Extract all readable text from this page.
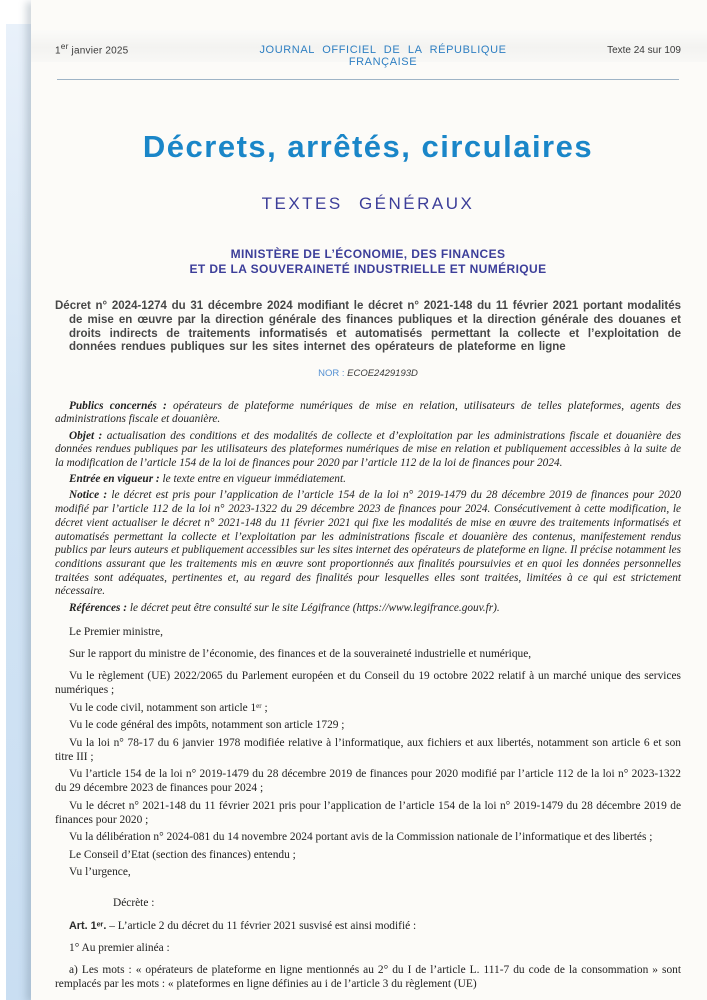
1er janvier 2025	JOURNAL OFFICIEL DE LA RÉPUBLIQUE FRANÇAISE
Texte 24 sur 109
Décrets, arrêtés, circulaires
TEXTES GÉNÉRAUX
MINISTÈRE DE L’ÉCONOMIE, DES FINANCES
ET DE LA SOUVERAINETÉ INDUSTRIELLE ET NUMÉRIQUE

Décret n° 2024-1274 du 31 décembre 2024 modifiant le décret n° 2021-148 du 11 février 2021 portant modalités de mise en œuvre par la direction générale des finances publiques et la direction générale des douanes et droits indirects de traitements informatisés et automatisés permettant la collecte et l’exploitation de données rendues publiques sur les sites internet des opérateurs de plateforme en ligne

NOR : ECOE2429193D

Publics concernés : opérateurs de plateforme numériques de mise en relation, utilisateurs de telles plateformes, agents des administrations fiscale et douanière.

Objet : actualisation des conditions et des modalités de collecte et d’exploitation par les administrations fiscale et douanière des données rendues publiques par les utilisateurs des plateformes numériques de mise en relation et publiquement accessibles à la suite de la modification de l’article 154 de la loi de finances pour 2020 par l’article 112 de la loi de finances pour 2024.

Entrée en vigueur : le texte entre en vigueur immédiatement.

Notice : le décret est pris pour l’application de l’article 154 de la loi n° 2019-1479 du 28 décembre 2019 de finances pour 2020 modifié par l’article 112 de la loi n° 2023-1322 du 29 décembre 2023 de finances pour 2024. Consécutivement à cette modification, le décret vient actualiser le décret n° 2021-148 du 11 février 2021 qui fixe les modalités de mise en œuvre des traitements informatisés et automatisés permettant la collecte et l’exploitation par les administrations fiscale et douanière des contenus, manifestement rendus publics par leurs auteurs et publiquement accessibles sur les sites internet des opérateurs de plateforme en ligne. Il précise notamment les conditions assurant que les traitements mis en œuvre sont proportionnés aux finalités poursuivies et en quoi les données personnelles traitées sont adéquates, pertinentes et, au regard des finalités pour lesquelles elles sont traitées, limitées à ce qui est strictement nécessaire.

Références : le décret peut être consulté sur le site Légifrance (https://www.legifrance.gouv.fr).

Le Premier ministre,

Sur le rapport du ministre de l’économie, des finances et de la souveraineté industrielle et numérique,

Vu le règlement (UE) 2022/2065 du Parlement européen et du Conseil du 19 octobre 2022 relatif à un marché unique des services numériques ;

Vu le code civil, notamment son article 1ᵉʳ ;

Vu le code général des impôts, notamment son article 1729 ;

Vu la loi n° 78-17 du 6 janvier 1978 modifiée relative à l’informatique, aux fichiers et aux libertés, notamment son article 6 et son titre III ;

Vu l’article 154 de la loi n° 2019-1479 du 28 décembre 2019 de finances pour 2020 modifié par l’article 112 de la loi n° 2023-1322 du 29 décembre 2023 de finances pour 2024 ;

Vu le décret n° 2021-148 du 11 février 2021 pris pour l’application de l’article 154 de la loi n° 2019-1479 du 28 décembre 2019 de finances pour 2020 ;

Vu la délibération n° 2024-081 du 14 novembre 2024 portant avis de la Commission nationale de l’informatique et des libertés ;

Le Conseil d’Etat (section des finances) entendu ;

Vu l’urgence,

Décrète :

Art. 1ᵉʳ. – L’article 2 du décret du 11 février 2021 susvisé est ainsi modifié :

1° Au premier alinéa :

a) Les mots : « opérateurs de plateforme en ligne mentionnés au 2° du I de l’article L. 111-7 du code de la consommation » sont remplacés par les mots : « plateformes en ligne définies au i de l’article 3 du règlement (UE)
